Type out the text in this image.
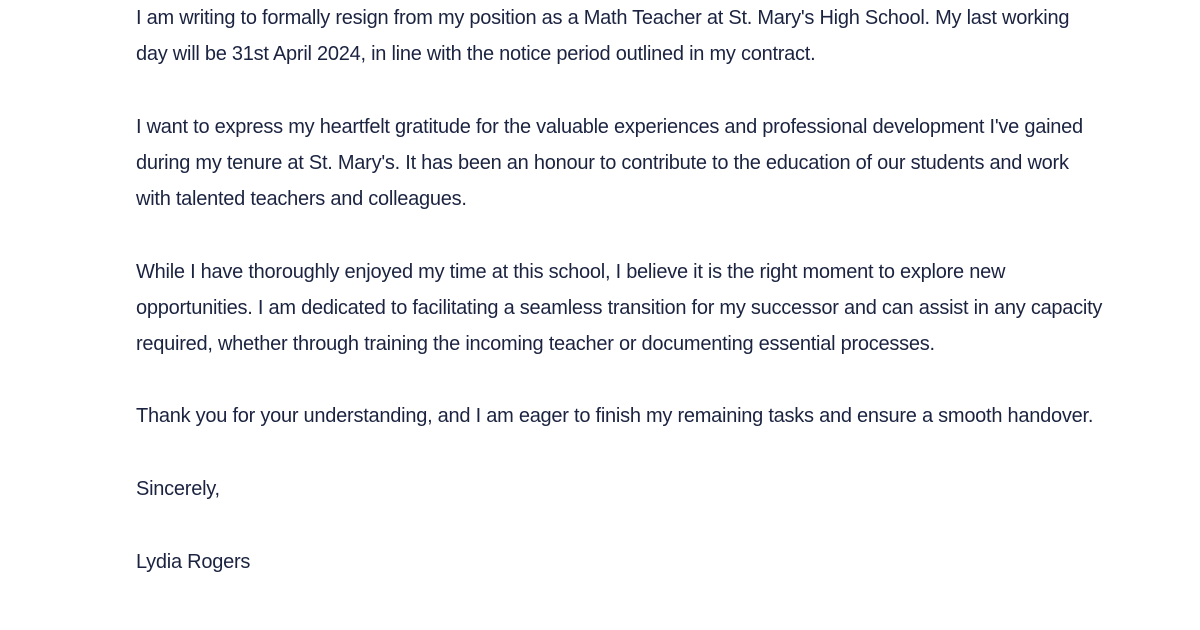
I am writing to formally resign from my position as a Math Teacher at St. Mary's High School. My last working
day will be 31st April 2024, in line with the notice period outlined in my contract.
I want to express my heartfelt gratitude for the valuable experiences and professional development I've gained
during my tenure at St. Mary's. It has been an honour to contribute to the education of our students and work
with talented teachers and colleagues.
While I have thoroughly enjoyed my time at this school, I believe it is the right moment to explore new
opportunities. I am dedicated to facilitating a seamless transition for my successor and can assist in any capacity
required, whether through training the incoming teacher or documenting essential processes.
Thank you for your understanding, and I am eager to finish my remaining tasks and ensure a smooth handover.
Sincerely,
Lydia Rogers
